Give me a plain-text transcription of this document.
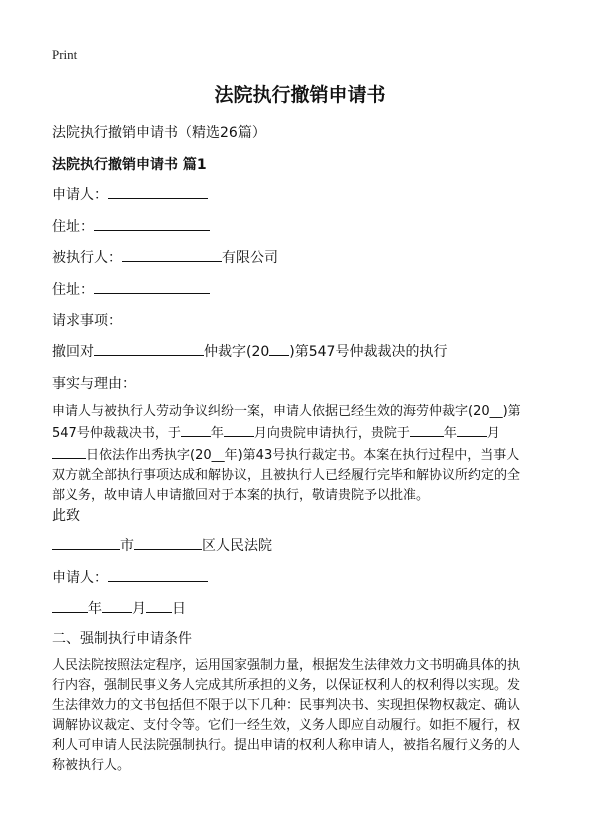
Print
法院执行撤销申请书
法院执行撤销申请书（精选26篇）
法院执行撤销申请书 篇1
申请人：
住址：
被执行人：	有限公司
住址：
请求事项：
撤回对	仲裁字(20 )第547号仲裁裁决的执行
事实与理由：
申请人与被执行人劳动争议纠纷一案，申请人依据已经生效的海劳仲裁字(20__)第
547号仲裁裁决书，于 年 月向贵院申请执行，贵院于	年 月
日依法作出秀执字(20__年)第43号执行裁定书。本案在执行过程中，当事人
双方就全部执行事项达成和解协议，且被执行人已经履行完毕和解协议所约定的全
部义务，故申请人申请撤回对于本案的执行，敬请贵院予以批准。
此致
市	区人民法院
申请人：
年 月 日
二、强制执行申请条件
人民法院按照法定程序，运用国家强制力量，根据发生法律效力文书明确具体的执
行内容，强制民事义务人完成其所承担的义务，以保证权利人的权利得以实现。发
生法律效力的文书包括但不限于以下几种：民事判决书、实现担保物权裁定、确认
调解协议裁定、支付令等。它们一经生效，义务人即应自动履行。如拒不履行，权
利人可申请人民法院强制执行。提出申请的权利人称申请人，被指名履行义务的人
称被执行人。
